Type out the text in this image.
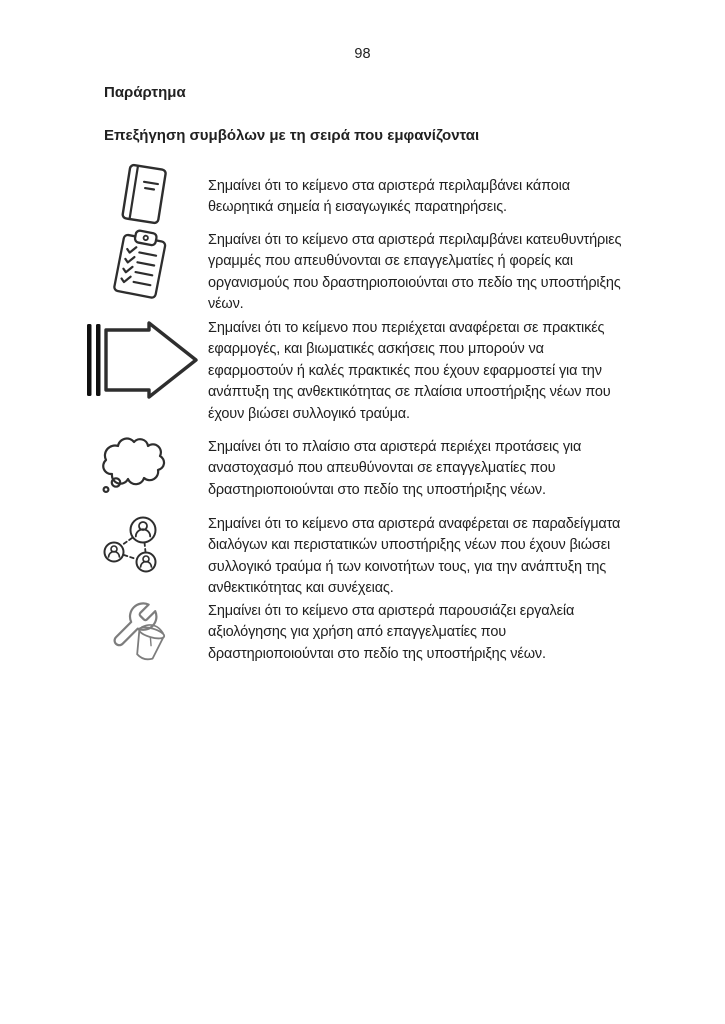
98
Παράρτημα
Επεξήγηση συμβόλων με τη σειρά που εμφανίζονται

Σημαίνει ότι το κείμενο στα αριστερά περιλαμβάνει κάποια θεωρητικά σημεία ή εισαγωγικές παρατηρήσεις.

Σημαίνει ότι το κείμενο στα αριστερά περιλαμβάνει κατευθυντήριες γραμμές που απευθύνονται σε επαγγελματίες ή φορείς και οργανισμούς που δραστηριοποιούνται στο πεδίο της υποστήριξης νέων.

Σημαίνει ότι το κείμενο που περιέχεται αναφέρεται σε πρακτικές εφαρμογές, και βιωματικές ασκήσεις που μπορούν να εφαρμοστούν ή καλές πρακτικές που έχουν εφαρμοστεί για την ανάπτυξη της ανθεκτικότητας σε πλαίσια υποστήριξης νέων που έχουν βιώσει συλλογικό τραύμα.

Σημαίνει ότι το πλαίσιο στα αριστερά περιέχει προτάσεις για αναστοχασμό που απευθύνονται σε επαγγελματίες που δραστηριοποιούνται στο πεδίο της υποστήριξης νέων.

Σημαίνει ότι το κείμενο στα αριστερά αναφέρεται σε παραδείγματα διαλόγων και περιστατικών υποστήριξης νέων που έχουν βιώσει συλλογικό τραύμα ή των κοινοτήτων τους, για την ανάπτυξη της ανθεκτικότητας και συνέχειας.

Σημαίνει ότι το κείμενο στα αριστερά παρουσιάζει εργαλεία αξιολόγησης για χρήση από επαγγελματίες που δραστηριοποιούνται στο πεδίο της υποστήριξης νέων.
